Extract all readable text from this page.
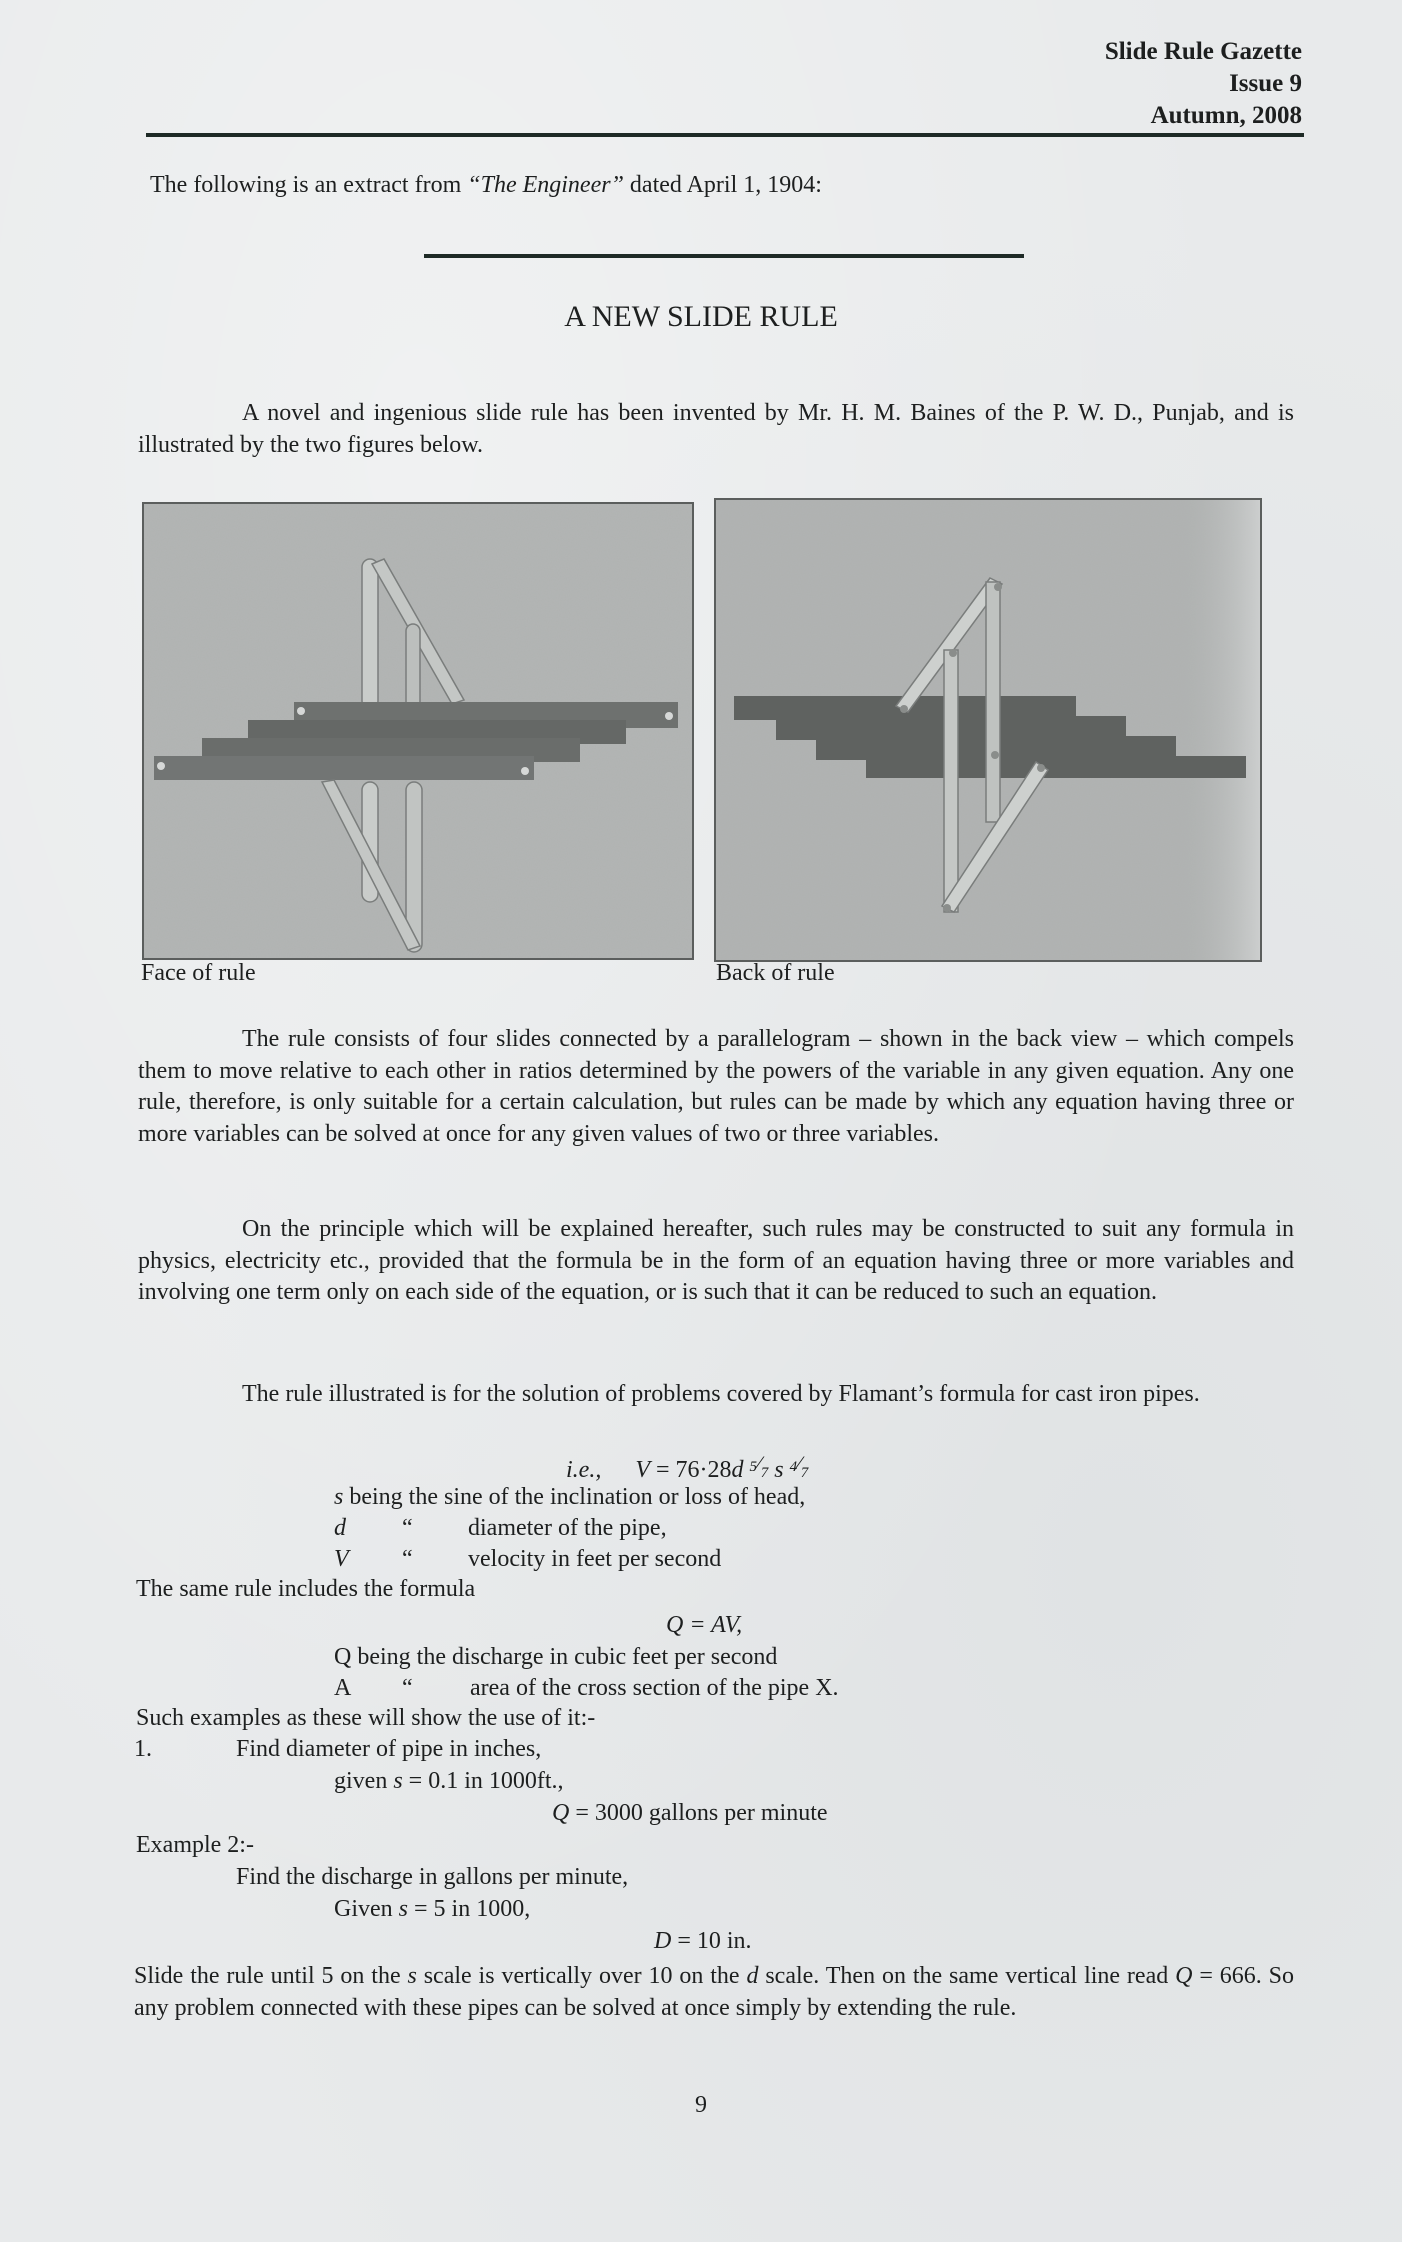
Slide Rule Gazette
Issue 9
Autumn, 2008
The following is an extract from “The Engineer” dated April 1, 1904:
A NEW SLIDE RULE
A novel and ingenious slide rule has been invented by Mr. H. M. Baines of the P. W. D., Punjab, and is illustrated by the two figures below.
Face of rule	Back of rule
The rule consists of four slides connected by a parallelogram – shown in the back view – which compels them to move relative to each other in ratios determined by the powers of the variable in any given equation. Any one rule, therefore, is only suitable for a certain calculation, but rules can be made by which any equation having three or more variables can be solved at once for any given values of two or three variables.
On the principle which will be explained hereafter, such rules may be constructed to suit any formula in physics, electricity etc., provided that the formula be in the form of an equation having three or more variables and involving one term only on each side of the equation, or is such that it can be reduced to such an equation.
The rule illustrated is for the solution of problems covered by Flamant’s formula for cast iron pipes.
i.e., V = 76·28d $^{5⁄7}$ s $^{4⁄7}$
s being the sine of the inclination or loss of head,
d “ diameter of the pipe,
V “ velocity in feet per second
The same rule includes the formula
Q = AV,
Q being the discharge in cubic feet per second
A “ area of the cross section of the pipe X.
Such examples as these will show the use of it:-
1.	Find diameter of pipe in inches,
given s = 0.1 in 1000ft.,
Q = 3000 gallons per minute
Example 2:-
Find the discharge in gallons per minute,
Given s = 5 in 1000,
D = 10 in.
Slide the rule until 5 on the s scale is vertically over 10 on the d scale. Then on the same vertical line read Q = 666. So any problem connected with these pipes can be solved at once simply by extending the rule.
9
